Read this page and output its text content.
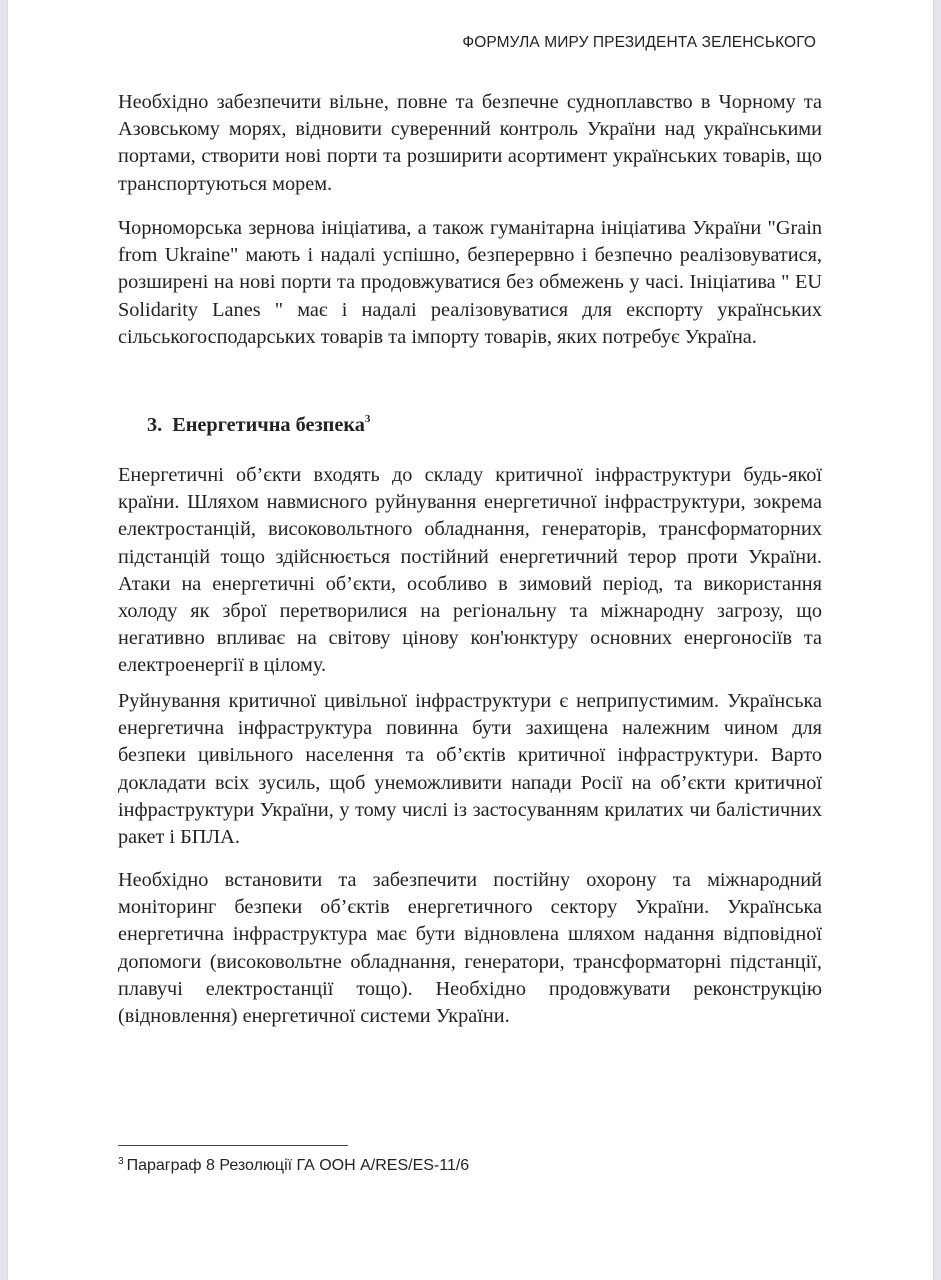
ФОРМУЛА МИРУ ПРЕЗИДЕНТА ЗЕЛЕНСЬКОГО

Необхідно забезпечити вільне, повне та безпечне судноплавство в Чорному та Азовському морях, відновити суверенний контроль України над українськими портами, створити нові порти та розширити асортимент українських товарів, що транспортуються морем.

Чорноморська зернова ініціатива, а також гуманітарна ініціатива України "Grain from Ukraine" мають і надалі успішно, безперервно і безпечно реалізовуватися, розширені на нові порти та продовжуватися без обмежень у часі. Ініціатива " EU Solidarity Lanes " має і надалі реалізовуватися для експорту українських сільськогосподарських товарів та імпорту товарів, яких потребує Україна.

3. Енергетична безпека$^3$

Енергетичні об’єкти входять до складу критичної інфраструктури будь-якої країни. Шляхом навмисного руйнування енергетичної інфраструктури, зокрема електростанцій, високовольтного обладнання, генераторів, трансформаторних підстанцій тощо здійснюється постійний енергетичний терор проти України. Атаки на енергетичні об’єкти, особливо в зимовий період, та використання холоду як зброї перетворилися на регіональну та міжнародну загрозу, що негативно впливає на світову цінову кон'юнктуру основних енергоносіїв та електроенергії в цілому.

Руйнування критичної цивільної інфраструктури є неприпустимим. Українська енергетична інфраструктура повинна бути захищена належним чином для безпеки цивільного населення та об’єктів критичної інфраструктури. Варто докладати всіх зусиль, щоб унеможливити напади Росії на об’єкти критичної інфраструктури України, у тому числі із застосуванням крилатих чи балістичних ракет і БПЛА.

Необхідно встановити та забезпечити постійну охорону та міжнародний моніторинг безпеки об’єктів енергетичного сектору України. Українська енергетична інфраструктура має бути відновлена шляхом надання відповідної допомоги (високовольтне обладнання, генератори, трансформаторні підстанції, плавучі електростанції тощо). Необхідно продовжувати реконструкцію (відновлення) енергетичної системи України.

$^3$ Параграф 8 Резолюції ГА ООН A/RES/ES-11/6
